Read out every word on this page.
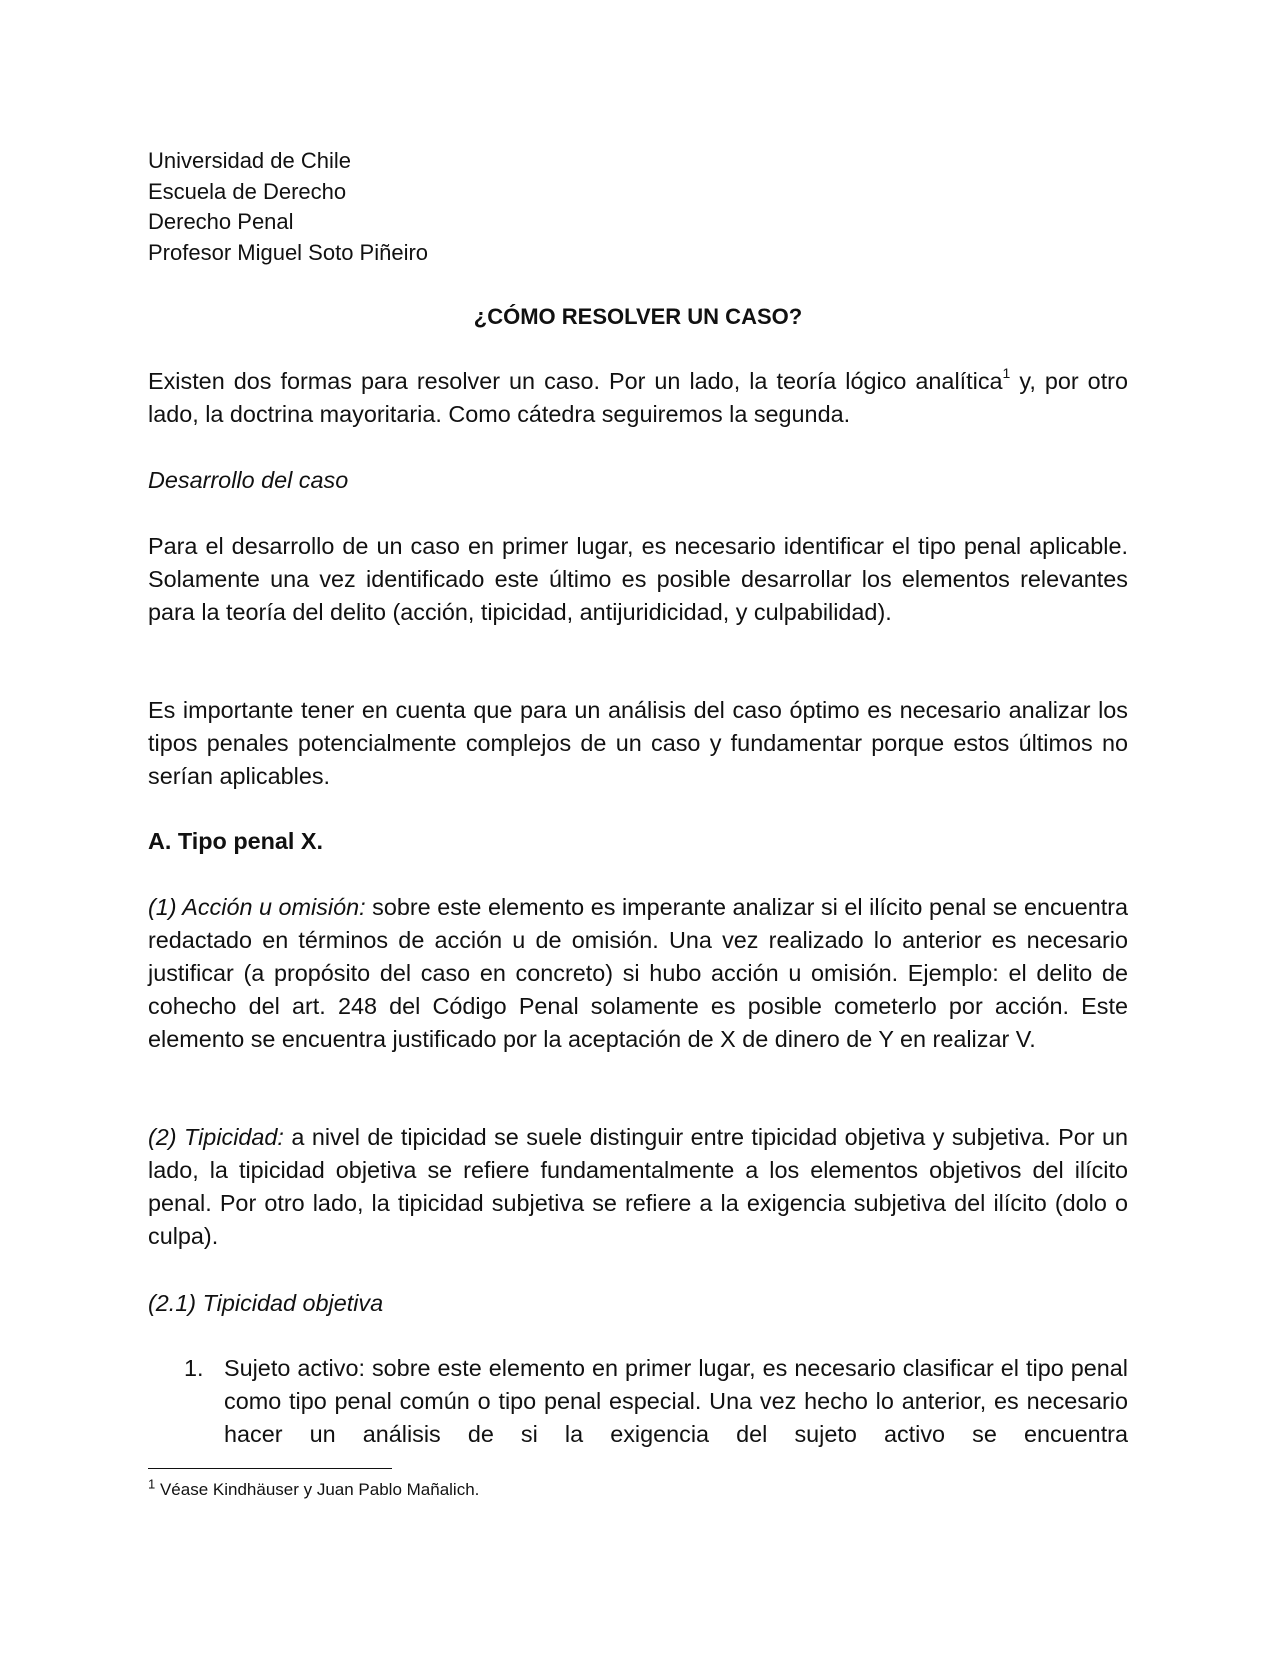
Universidad de Chile
Escuela de Derecho
Derecho Penal
Profesor Miguel Soto Piñeiro
¿CÓMO RESOLVER UN CASO?

Existen dos formas para resolver un caso. Por un lado, la teoría lógico analítica$^1$ y, por otro lado, la doctrina mayoritaria. Como cátedra seguiremos la segunda.

Desarrollo del caso

Para el desarrollo de un caso en primer lugar, es necesario identificar el tipo penal aplicable. Solamente una vez identificado este último es posible desarrollar los elementos relevantes para la teoría del delito (acción, tipicidad, antijuridicidad, y culpabilidad).

Es importante tener en cuenta que para un análisis del caso óptimo es necesario analizar los tipos penales potencialmente complejos de un caso y fundamentar porque estos últimos no serían aplicables.

A. Tipo penal X.

(1) Acción u omisión: sobre este elemento es imperante analizar si el ilícito penal se encuentra redactado en términos de acción u de omisión. Una vez realizado lo anterior es necesario justificar (a propósito del caso en concreto) si hubo acción u omisión. Ejemplo: el delito de cohecho del art. 248 del Código Penal solamente es posible cometerlo por acción. Este elemento se encuentra justificado por la aceptación de X de dinero de Y en realizar V.

(2) Tipicidad: a nivel de tipicidad se suele distinguir entre tipicidad objetiva y subjetiva. Por un lado, la tipicidad objetiva se refiere fundamentalmente a los elementos objetivos del ilícito penal. Por otro lado, la tipicidad subjetiva se refiere a la exigencia subjetiva del ilícito (dolo o culpa).

(2.1) Tipicidad objetiva

1. Sujeto activo: sobre este elemento en primer lugar, es necesario clasificar el tipo penal como tipo penal común o tipo penal especial. Una vez hecho lo anterior, es necesario hacer un análisis de si la exigencia del sujeto activo se encuentra
$^1$ Véase Kindhäuser y Juan Pablo Mañalich.
